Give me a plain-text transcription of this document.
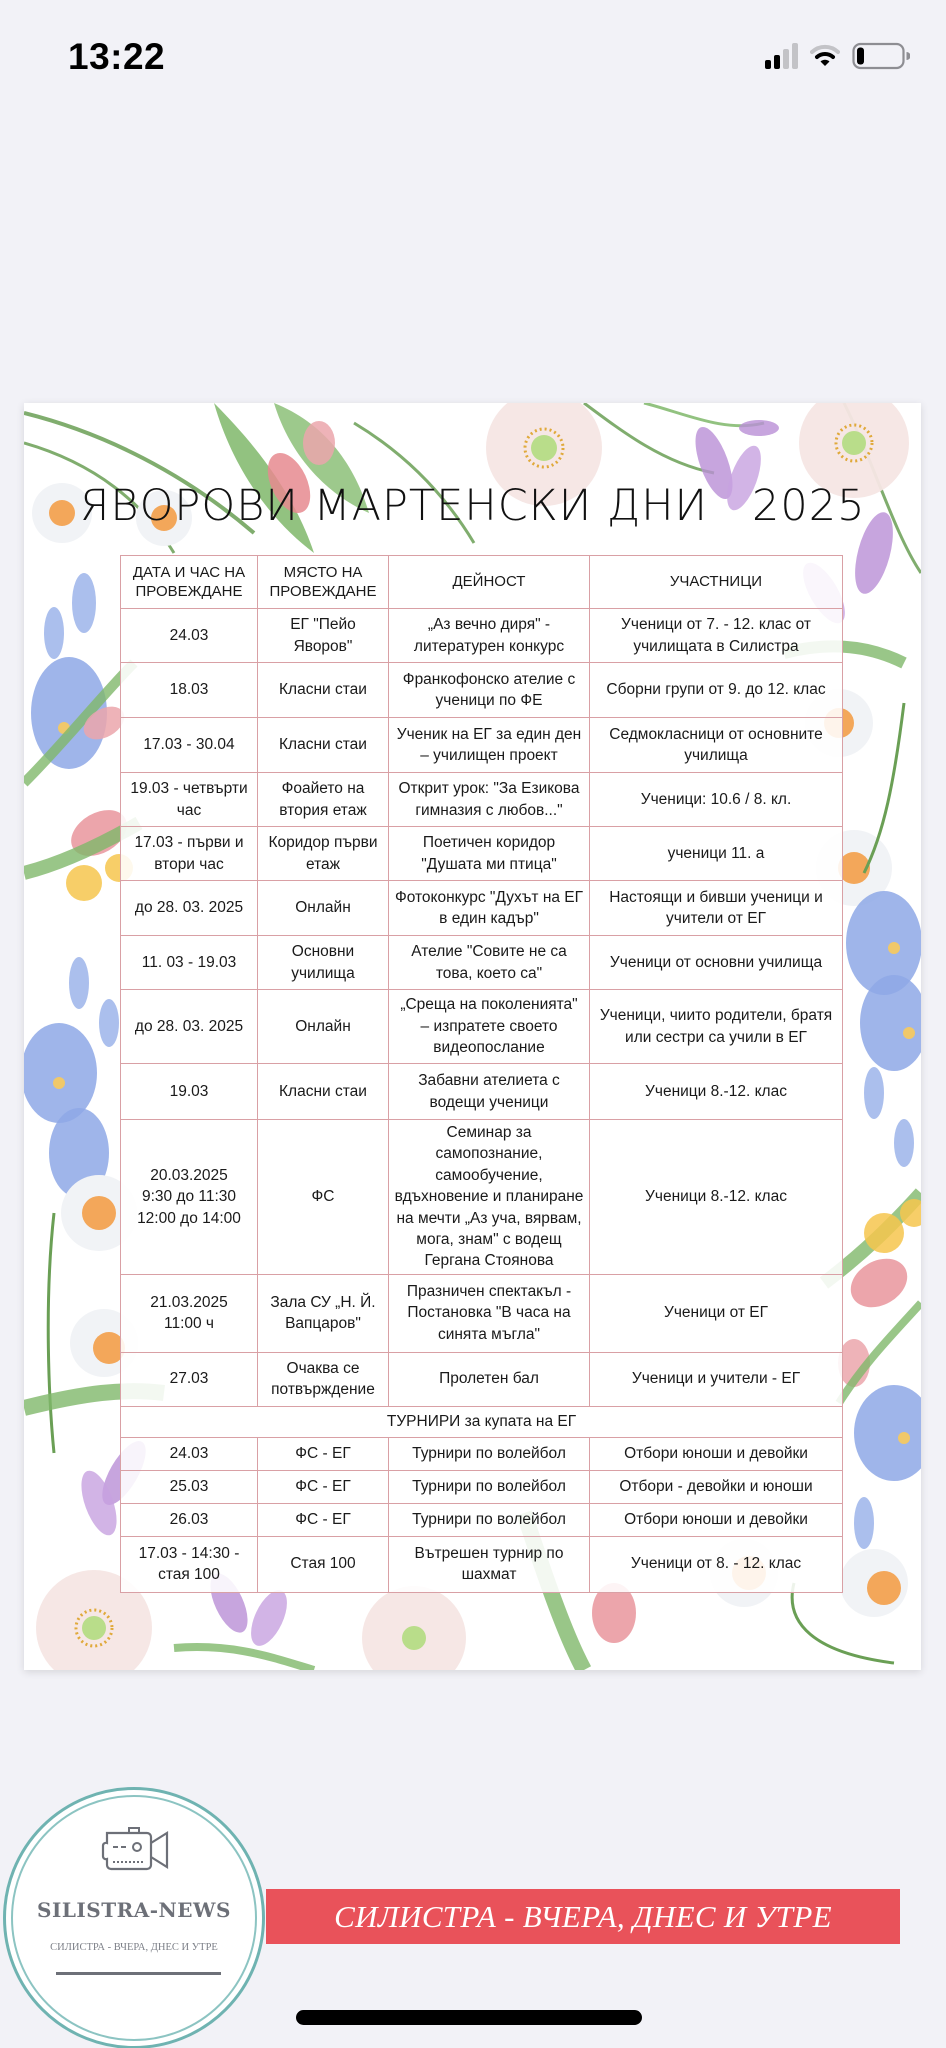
13:22
ЯВОРОВИ МАРТЕНСКИ ДНИ   2025
ДАТА И ЧАС НА ПРОВЕЖДАНЕ	МЯСТО НА ПРОВЕЖДАНЕ	ДЕЙНОСТ	УЧАСТНИЦИ
24.03	ЕГ "Пейо Яворов"	„Аз вечно диря" - литературен конкурс	Ученици от 7. - 12. клас от училищата в Силистра
18.03	Класни стаи	Франкофонско ателие с ученици по ФЕ	Сборни групи от 9. до 12. клас
17.03 - 30.04	Класни стаи	Ученик на ЕГ за един ден – училищен проект	Седмокласници от основните училища
19.03 - четвърти час	Фоайето на втория етаж	Открит урок: "За Езикова гимназия с любов..."	Ученици: 10.6 / 8. кл.
17.03 - първи и втори час	Коридор първи етаж	Поетичен коридор "Душата ми птица"	ученици 11. а
до 28. 03. 2025	Онлайн	Фотоконкурс "Духът на ЕГ в един кадър"	Настоящи и бивши ученици и учители от ЕГ
11. 03 - 19.03	Основни училища	Ателие "Совите не са това, което са"	Ученици от основни училища
до 28. 03. 2025	Онлайн	„Среща на поколенията" – изпратете своето видеопослание	Ученици, чиито родители, братя или сестри са учили в ЕГ
19.03	Класни стаи	Забавни ателиета с водещи ученици	Ученици 8.-12. клас
20.03.2025
9:30 до 11:30
12:00 до 14:00	ФС	Семинар за самопознание, самообучение, вдъхновение и планиране на мечти „Аз уча, вярвам, мога, знам" с водещ Гергана Стоянова	Ученици 8.-12. клас
21.03.2025
11:00 ч	Зала СУ „Н. Й. Вапцаров"	Празничен спектакъл - Постановка "В часа на синята мъгла"	Ученици от ЕГ
27.03	Очаква се потвърждение	Пролетен бал	Ученици и учители - ЕГ
ТУРНИРИ за купата на ЕГ			
24.03	ФС - ЕГ	Турнири по волейбол	Отбори юноши и девойки
25.03	ФС - ЕГ	Турнири по волейбол	Отбори - девойки и юноши
26.03	ФС - ЕГ	Турнири по волейбол	Отбори юноши и девойки
17.03 - 14:30 - стая 100	Стая 100	Вътрешен турнир по шахмат	Ученици от 8. - 12. клас
SILISTRA-NEWS
СИЛИСТРА - ВЧЕРА, ДНЕС И УТРЕ
СИЛИСТРА - ВЧЕРА, ДНЕС И УТРЕ
